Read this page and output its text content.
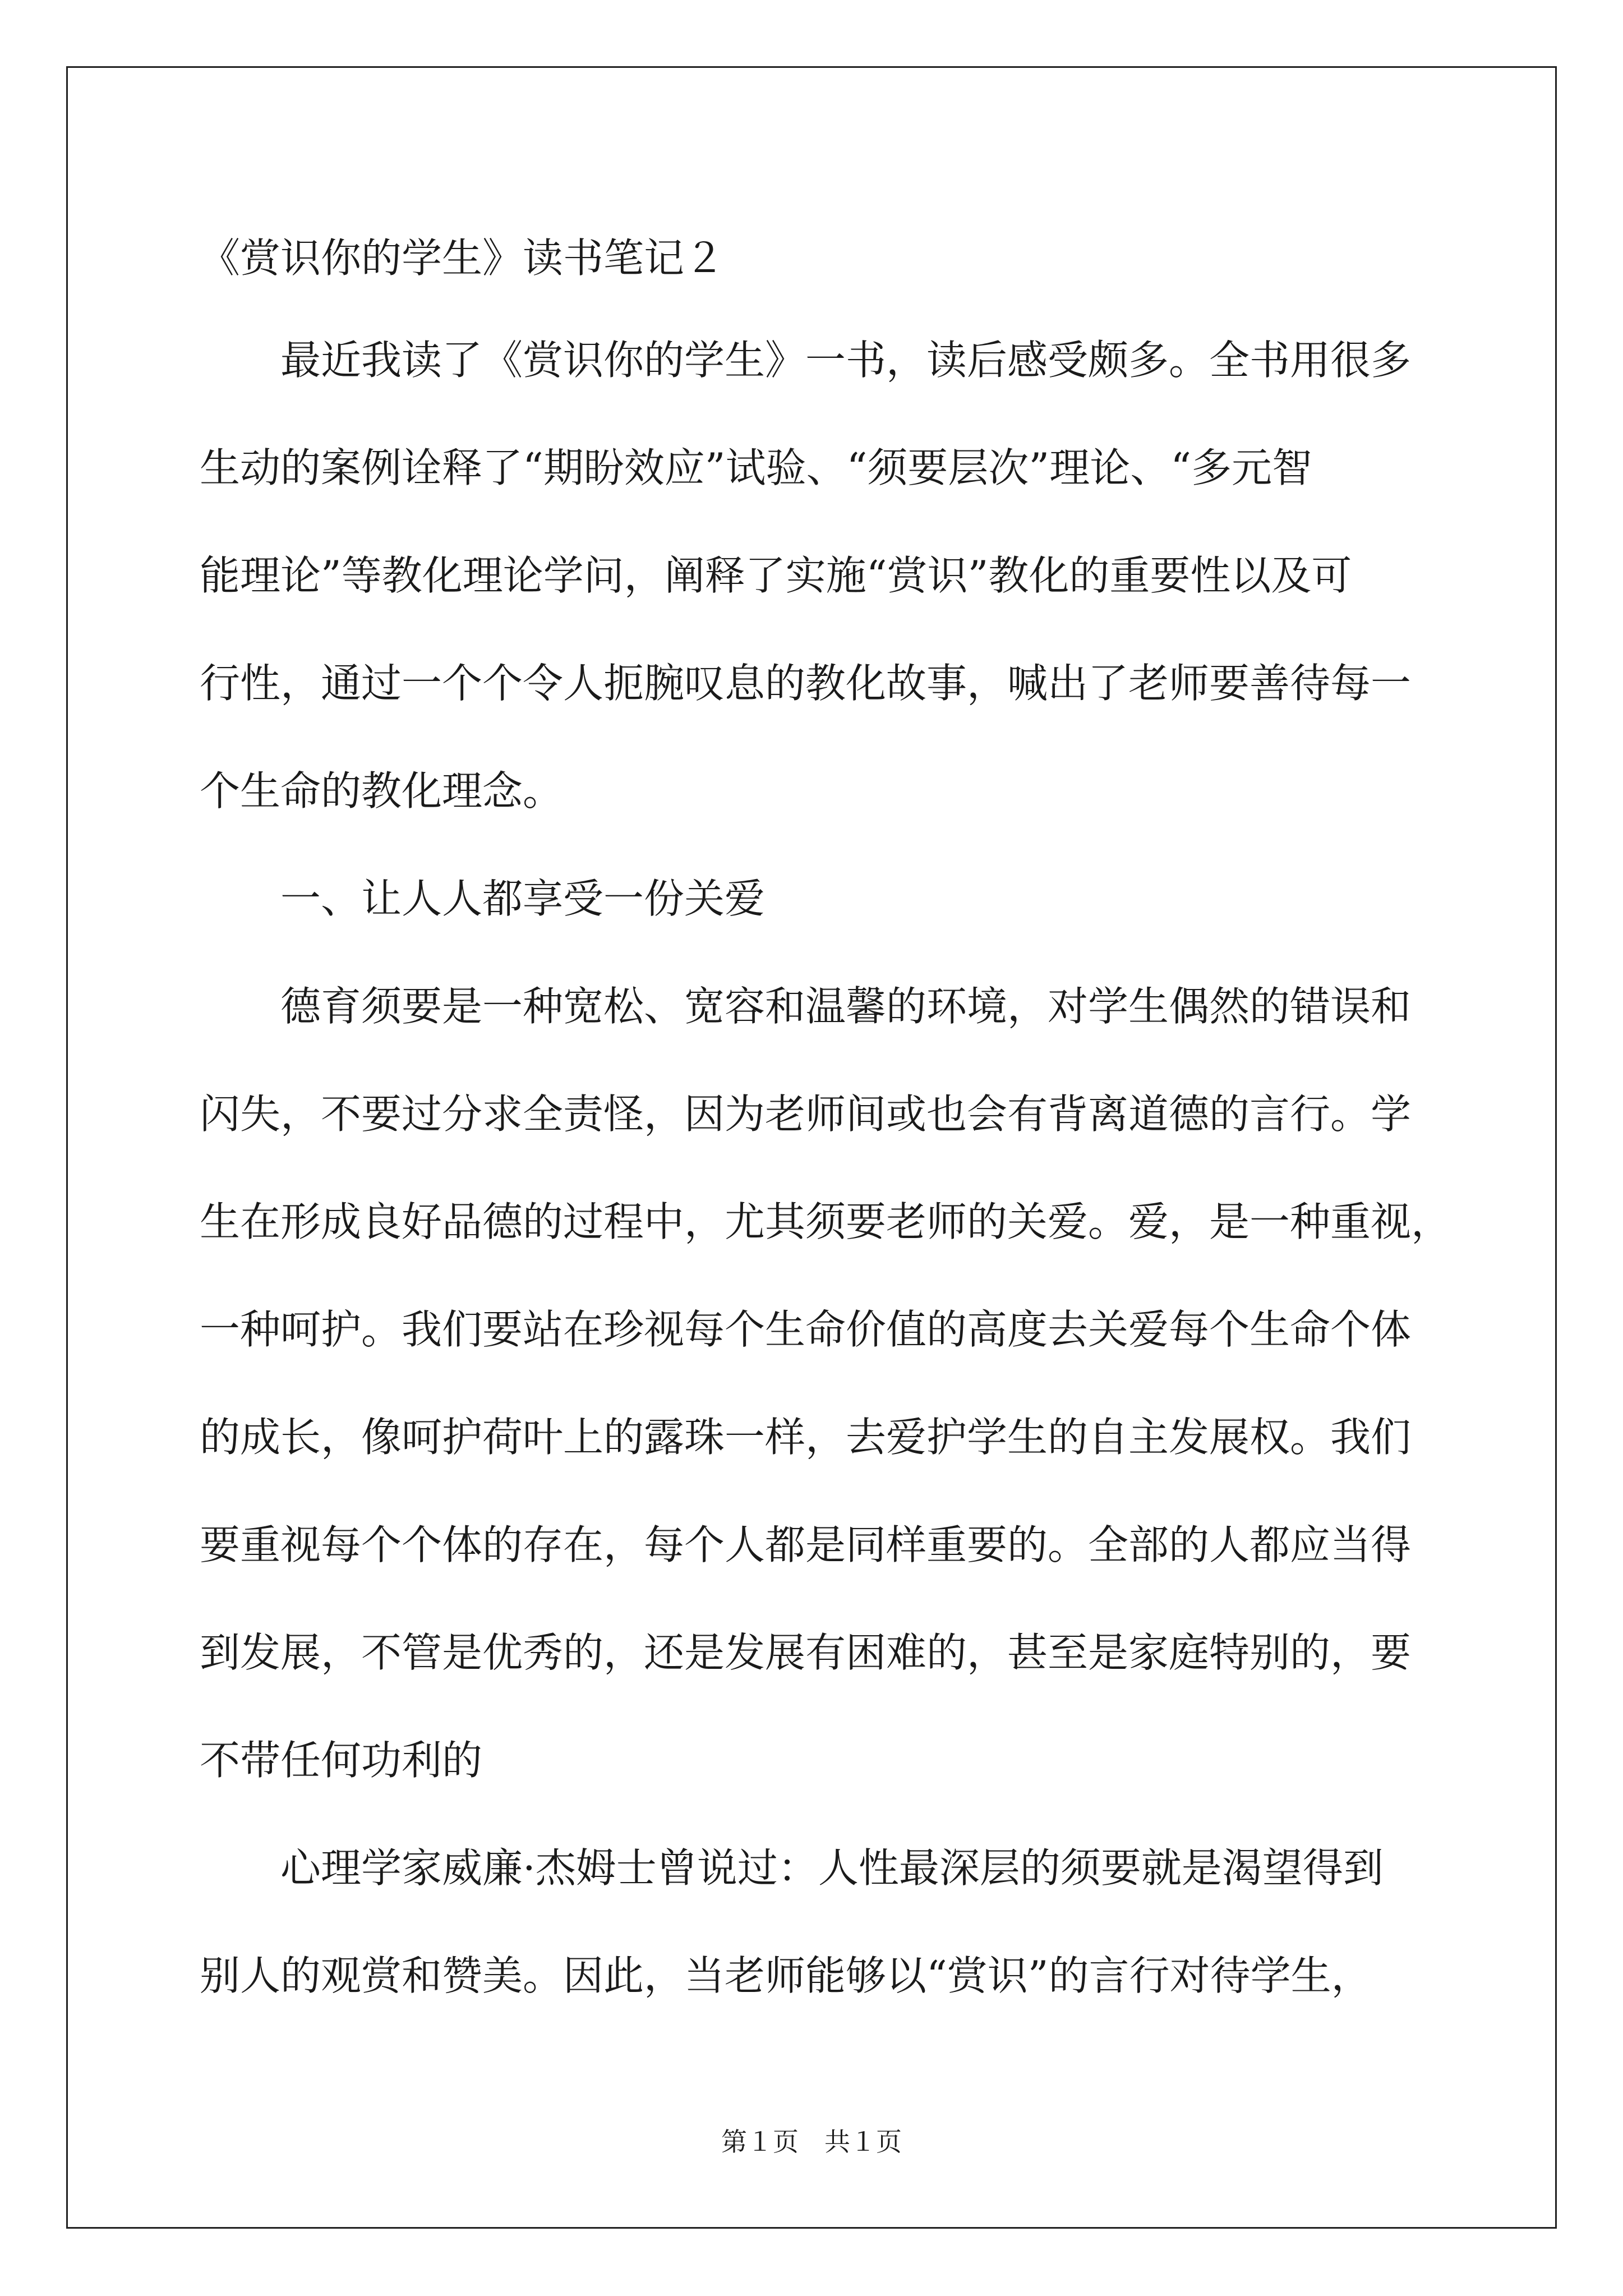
《赏识你的学生》读书笔记２
最近我读了《赏识你的学生》一书，读后感受颇多。全书用很多
生动的案例诠释了“期盼效应”试验、“须要层次”理论、“多元智
能理论”等教化理论学问，阐释了实施“赏识”教化的重要性以及可
行性，通过一个个令人扼腕叹息的教化故事，喊出了老师要善待每一
个生命的教化理念。
一、让人人都享受一份关爱
德育须要是一种宽松、宽容和温馨的环境，对学生偶然的错误和
闪失，不要过分求全责怪，因为老师间或也会有背离道德的言行。学
生在形成良好品德的过程中，尤其须要老师的关爱。爱，是一种重视，
一种呵护。我们要站在珍视每个生命价值的高度去关爱每个生命个体
的成长，像呵护荷叶上的露珠一样，去爱护学生的自主发展权。我们
要重视每个个体的存在，每个人都是同样重要的。全部的人都应当得
到发展，不管是优秀的，还是发展有困难的，甚至是家庭特别的，要
不带任何功利的
心理学家威廉·杰姆士曾说过：人性最深层的须要就是渴望得到
别人的观赏和赞美。因此，当老师能够以“赏识”的言行对待学生，
第１页　共１页
